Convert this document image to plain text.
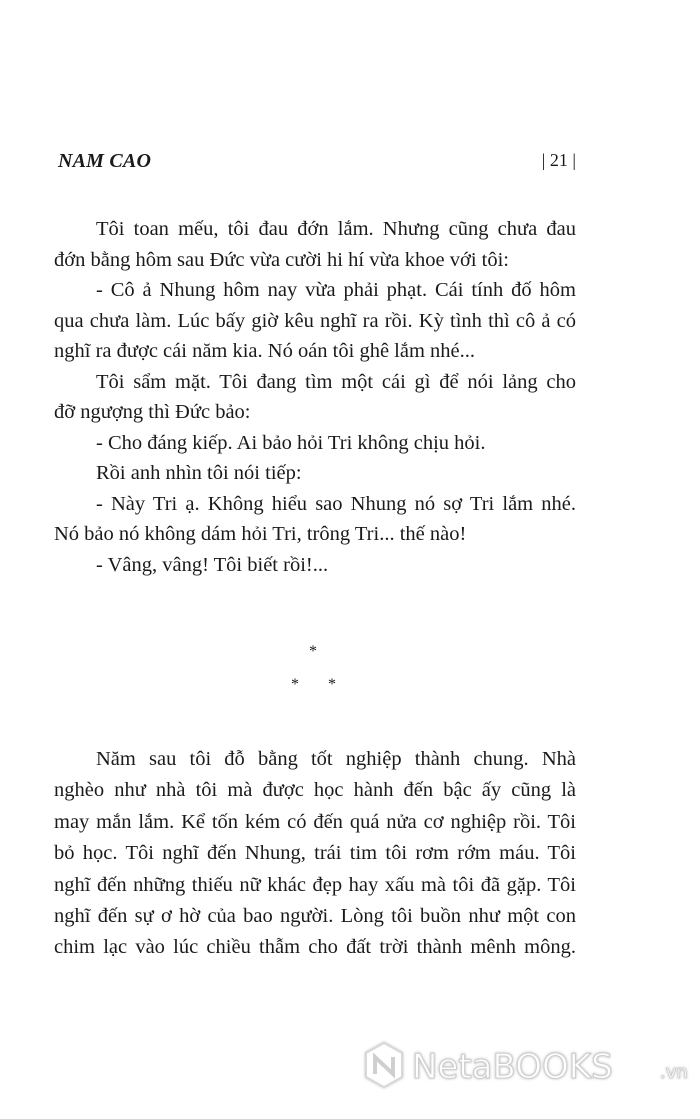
NAM CAO	| 21 |
Tôi toan mếu, tôi đau đớn lắm. Nhưng cũng chưa đau
đớn bằng hôm sau Đức vừa cười hi hí vừa khoe với tôi:
- Cô ả Nhung hôm nay vừa phải phạt. Cái tính đố hôm
qua chưa làm. Lúc bấy giờ kêu nghĩ ra rồi. Kỳ tình thì cô ả có
nghĩ ra được cái năm kia. Nó oán tôi ghê lắm nhé...
Tôi sẩm mặt. Tôi đang tìm một cái gì để nói lảng cho
đỡ ngượng thì Đức bảo:
- Cho đáng kiếp. Ai bảo hỏi Tri không chịu hỏi.
Rồi anh nhìn tôi nói tiếp:
- Này Tri ạ. Không hiểu sao Nhung nó sợ Tri lắm nhé.
Nó bảo nó không dám hỏi Tri, trông Tri... thế nào!
- Vâng, vâng! Tôi biết rồi!...
*
* *
Năm sau tôi đỗ bằng tốt nghiệp thành chung. Nhà
nghèo như nhà tôi mà được học hành đến bậc ấy cũng là
may mắn lắm. Kể tốn kém có đến quá nửa cơ nghiệp rồi. Tôi
bỏ học. Tôi nghĩ đến Nhung, trái tim tôi rơm rớm máu. Tôi
nghĩ đến những thiếu nữ khác đẹp hay xấu mà tôi đã gặp. Tôi
nghĩ đến sự ơ hờ của bao người. Lòng tôi buồn như một con
chim lạc vào lúc chiều thẫm cho đất trời thành mênh mông.
NetaBOOKS	.vn
